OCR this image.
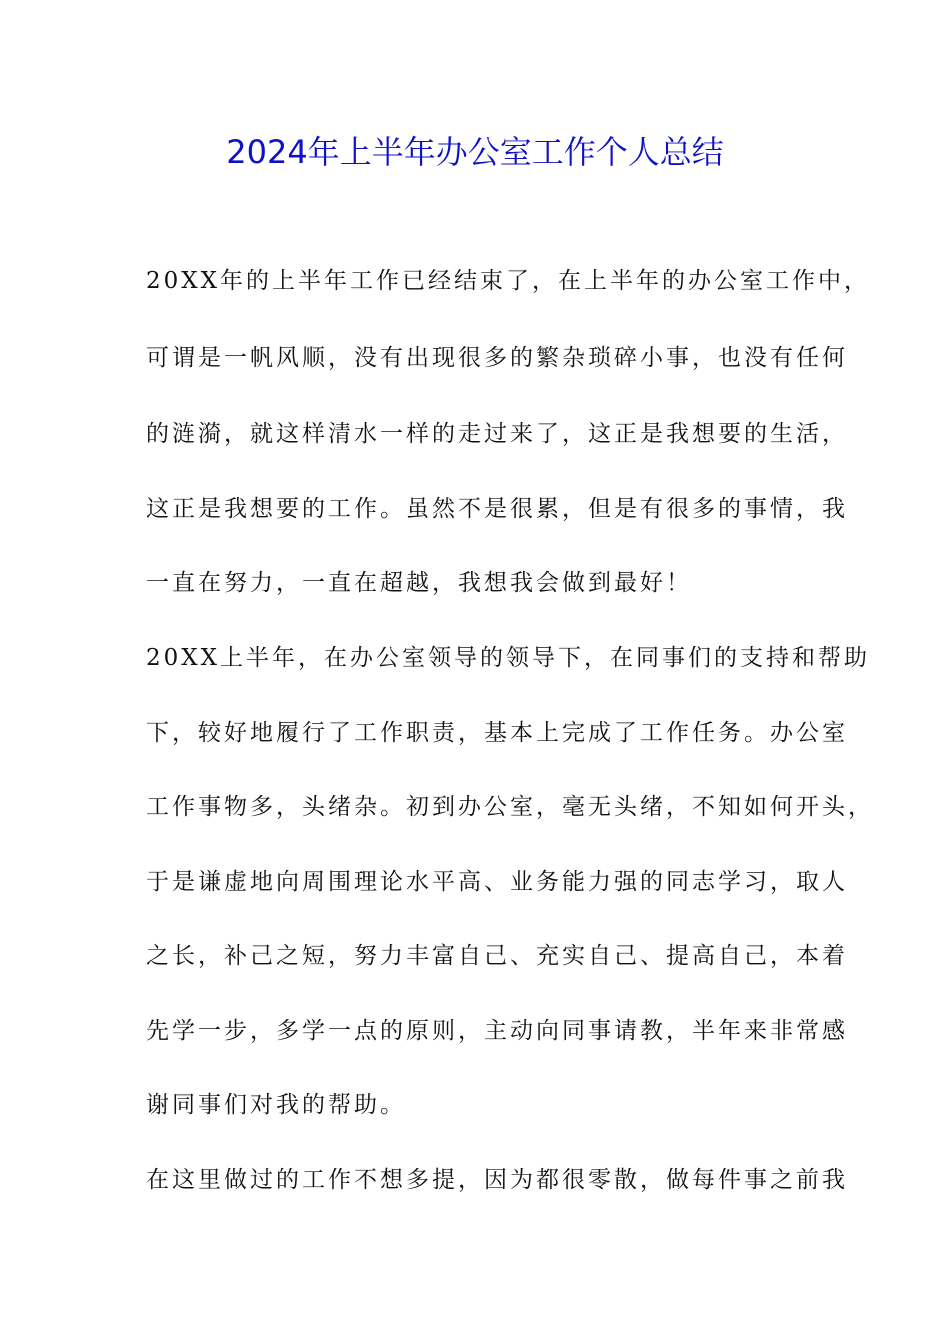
2024年上半年办公室工作个人总结
20XX年的上半年工作已经结束了，在上半年的办公室工作中，
可谓是一帆风顺，没有出现很多的繁杂琐碎小事，也没有任何
的涟漪，就这样清水一样的走过来了，这正是我想要的生活，
这正是我想要的工作。虽然不是很累，但是有很多的事情，我
一直在努力，一直在超越，我想我会做到最好！
20XX上半年，在办公室领导的领导下，在同事们的支持和帮助
下，较好地履行了工作职责，基本上完成了工作任务。办公室
工作事物多，头绪杂。初到办公室，毫无头绪，不知如何开头，
于是谦虚地向周围理论水平高、业务能力强的同志学习，取人
之长，补己之短，努力丰富自己、充实自己、提高自己，本着
先学一步，多学一点的原则，主动向同事请教，半年来非常感
谢同事们对我的帮助。
在这里做过的工作不想多提，因为都很零散，做每件事之前我
